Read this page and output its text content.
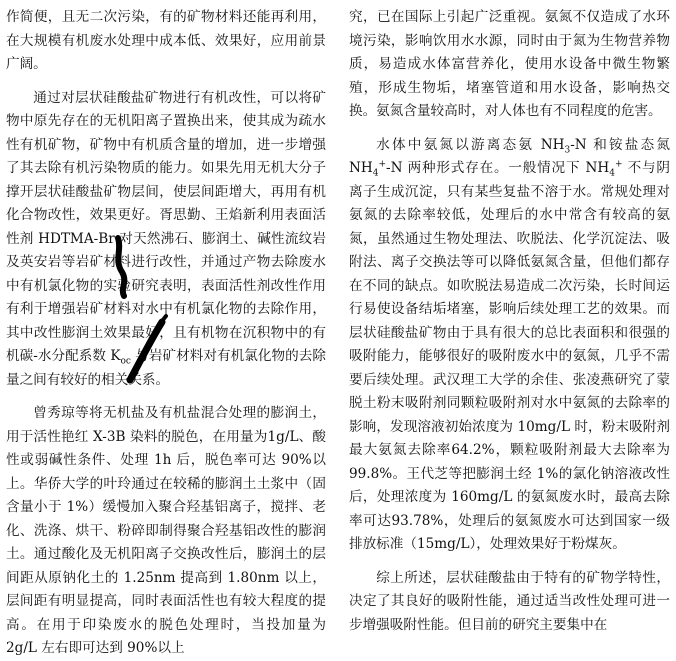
作简便，且无二次污染，有的矿物材料还能再利用，在大规模有机废水处理中成本低、效果好，应用前景广阔。

通过对层状硅酸盐矿物进行有机改性，可以将矿物中原先存在的无机阳离子置换出来，使其成为疏水性有机矿物，矿物中有机质含量的增加，进一步增强了其去除有机污染物质的能力。如果先用无机大分子撑开层状硅酸盐矿物层间，使层间距增大，再用有机化合物改性，效果更好。胥思勤、王焰新利用表面活性剂 HDTMA-Br 对天然沸石、膨润土、碱性流纹岩及英安岩等岩矿材料进行改性，并通过产物去除废水中有机氯化物的实验研究表明，表面活性剂改性作用有利于增强岩矿材料对水中有机氯化物的去除作用，其中改性膨润土效果最好，且有机物在沉积物中的有机碳-水分配系数 $K_{oc}$ 与岩矿材料对有机氯化物的去除量之间有较好的相关关系。

曾秀琼等将无机盐及有机盐混合处理的膨润土，用于活性艳红 X-3B 染料的脱色，在用量为1g/L、酸性或弱碱性条件、处理 1h 后，脱色率可达 90%以上。华侨大学的叶玲通过在较稀的膨润土土浆中（固含量小于 1%）缓慢加入聚合羟基铝离子，搅拌、老化、洗涤、烘干、粉碎即制得聚合羟基铝改性的膨润土。通过酸化及无机阳离子交换改性后，膨润土的层间距从原钠化土的 1.25nm 提高到 1.80nm 以上，层间距有明显提高，同时表面活性也有较大程度的提高。在用于印染废水的脱色处理时，当投加量为 2g/L 左右即可达到 90%以上

究，已在国际上引起广泛重视。氨氮不仅造成了水环境污染，影响饮用水水源，同时由于氮为生物营养物质，易造成水体富营养化，使用水设备中微生物繁殖，形成生物垢，堵塞管道和用水设备，影响热交换。氨氮含量较高时，对人体也有不同程度的危害。

水体中氨氮以游离态氨 $NH_3-N$ 和铵盐态氮 $NH_4^+-N$ 两种形式存在。一般情况下 $NH_4^+$ 不与阴离子生成沉淀，只有某些复盐不溶于水。常规处理对氨氮的去除率较低，处理后的水中常含有较高的氨氮，虽然通过生物处理法、吹脱法、化学沉淀法、吸附法、离子交换法等可以降低氨氮含量，但他们都存在不同的缺点。如吹脱法易造成二次污染，长时间运行易使设备结垢堵塞，影响后续处理工艺的效果。而层状硅酸盐矿物由于具有很大的总比表面积和很强的吸附能力，能够很好的吸附废水中的氨氮，几乎不需要后续处理。武汉理工大学的余佳、张凌燕研究了蒙脱土粉末吸附剂同颗粒吸附剂对水中氨氮的去除率的影响，发现溶液初始浓度为 10mg/L 时，粉末吸附剂最大氨氮去除率64.2%，颗粒吸附剂最大去除率为 99.8%。王代芝等把膨润土经 1%的氯化钠溶液改性后，处理浓度为 160mg/L 的氨氮废水时，最高去除率可达93.78%，处理后的氨氮废水可达到国家一级排放标准（15mg/L），处理效果好于粉煤灰。

综上所述，层状硅酸盐由于特有的矿物学特性，决定了其良好的吸附性能，通过适当改性处理可进一步增强吸附性能。但目前的研究主要集中在
